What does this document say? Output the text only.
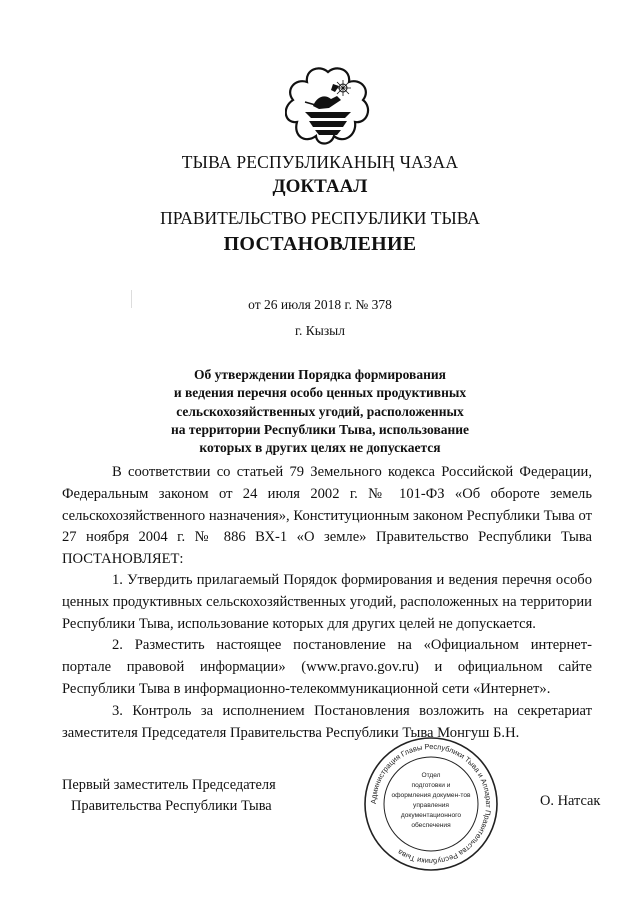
ТЫВА РЕСПУБЛИКАНЫҢ ЧАЗАА
ДОКТААЛ
ПРАВИТЕЛЬСТВО РЕСПУБЛИКИ ТЫВА
ПОСТАНОВЛЕНИЕ
от 26 июля 2018 г. № 378
г. Кызыл
Об утверждении Порядка формирования
и ведения перечня особо ценных продуктивных
сельскохозяйственных угодий, расположенных
на территории Республики Тыва, использование
которых в других целях не допускается

В соответствии со статьей 79 Земельного кодекса Российской Федерации, Федеральным законом от 24 июля 2002 г. № 101-ФЗ «Об обороте земель сельскохозяйственного назначения», Конституционным законом Республики Тыва от 27 ноября 2004 г. № 886 ВХ-1 «О земле» Правительство Республики Тыва ПОСТАНОВЛЯЕТ:

1. Утвердить прилагаемый Порядок формирования и ведения перечня особо ценных продуктивных сельскохозяйственных угодий, расположенных на территории Республики Тыва, использование которых для других целей не допускается.

2. Разместить настоящее постановление на «Официальном интернет-портале правовой информации» (www.pravo.gov.ru) и официальном сайте Республики Тыва в информационно-телекоммуникационной сети «Интернет».

3. Контроль за исполнением Постановления возложить на секретариат заместителя Председателя Правительства Республики Тыва Монгуш Б.Н.

Первый заместитель Председателя
Правительства Республики Тыва	Администрация Главы Республики Тыва и Аппарат Правительства Республики Тыва
Отдел
подготовки и
оформления докумен-тов
управления
документационного
обеспечения
О. Натсак
